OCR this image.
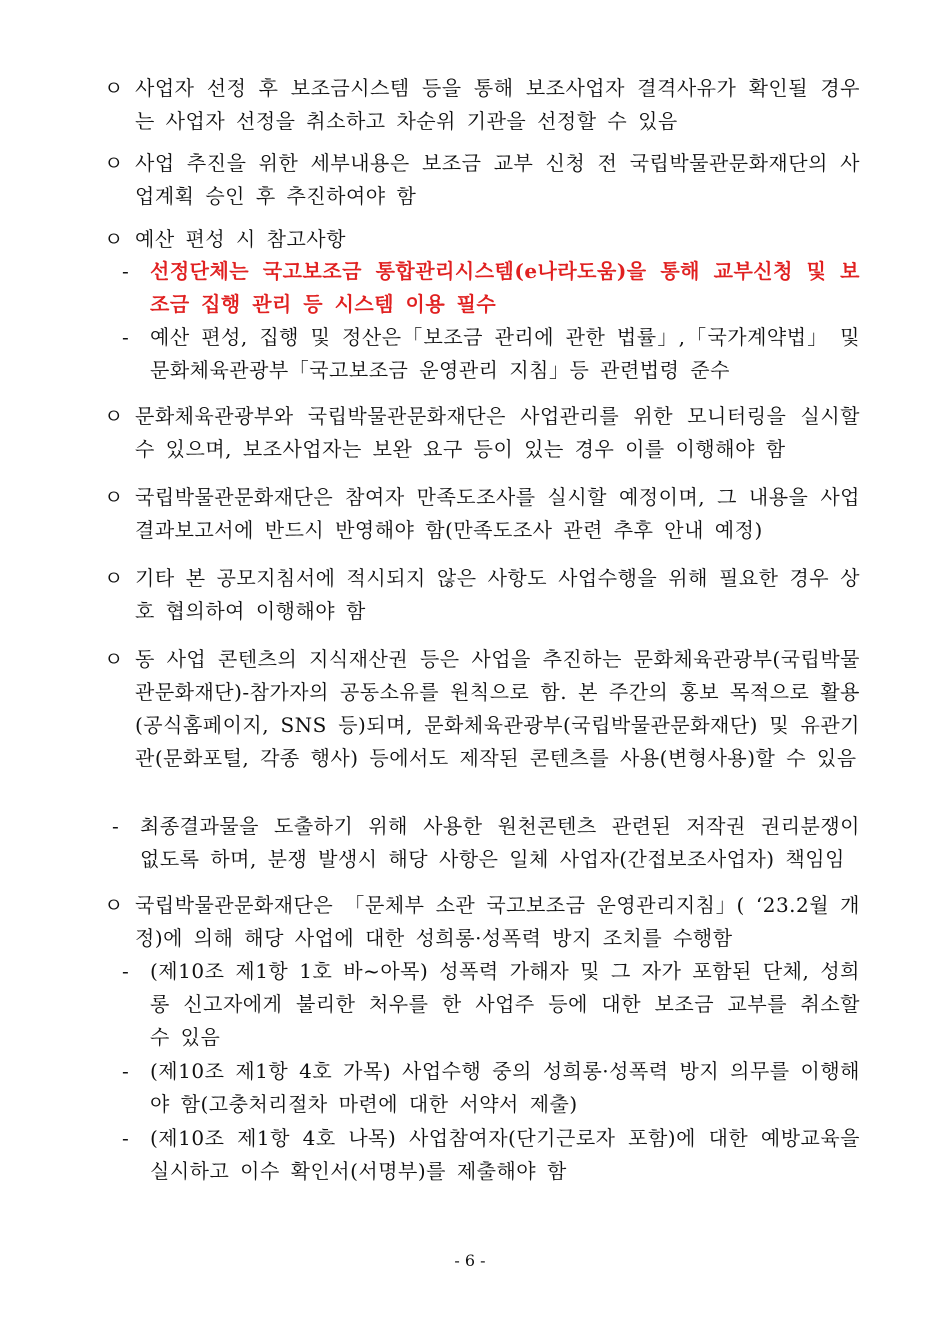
ㅇ 사업자 선정 후 보조금시스템 등을 통해 보조사업자 결격사유가 확인될 경우는 사업자 선정을 취소하고 차순위 기관을 선정할 수 있음
ㅇ 사업 추진을 위한 세부내용은 보조금 교부 신청 전 국립박물관문화재단의 사업계획 승인 후 추진하여야 함
ㅇ 예산 편성 시 참고사항
- 선정단체는 국고보조금 통합관리시스템(e나라도움)을 통해 교부신청 및 보조금 집행 관리 등 시스템 이용 필수
- 예산 편성, 집행 및 정산은「보조금 관리에 관한 법률」,「국가계약법」 및 문화체육관광부「국고보조금 운영관리 지침」등 관련법령 준수
ㅇ 문화체육관광부와 국립박물관문화재단은 사업관리를 위한 모니터링을 실시할 수 있으며, 보조사업자는 보완 요구 등이 있는 경우 이를 이행해야 함
ㅇ 국립박물관문화재단은 참여자 만족도조사를 실시할 예정이며, 그 내용을 사업결과보고서에 반드시 반영해야 함(만족도조사 관련 추후 안내 예정)
ㅇ 기타 본 공모지침서에 적시되지 않은 사항도 사업수행을 위해 필요한 경우 상호 협의하여 이행해야 함
ㅇ 동 사업 콘텐츠의 지식재산권 등은 사업을 추진하는 문화체육관광부(국립박물관문화재단)-참가자의 공동소유를 원칙으로 함. 본 주간의 홍보 목적으로 활용(공식홈페이지, SNS 등)되며, 문화체육관광부(국립박물관문화재단) 및 유관기관(문화포털, 각종 행사) 등에서도 제작된 콘텐츠를 사용(변형사용)할 수 있음
- 최종결과물을 도출하기 위해 사용한 원천콘텐츠 관련된 저작권 권리분쟁이 없도록 하며, 분쟁 발생시 해당 사항은 일체 사업자(간접보조사업자) 책임임
ㅇ 국립박물관문화재단은 「문체부 소관 국고보조금 운영관리지침」( ‘23.2월 개정)에 의해 해당 사업에 대한 성희롱·성폭력 방지 조치를 수행함
- (제10조 제1항 1호 바~아목) 성폭력 가해자 및 그 자가 포함된 단체, 성희롱 신고자에게 불리한 처우를 한 사업주 등에 대한 보조금 교부를 취소할 수 있음
- (제10조 제1항 4호 가목) 사업수행 중의 성희롱·성폭력 방지 의무를 이행해야 함(고충처리절차 마련에 대한 서약서 제출)
- (제10조 제1항 4호 나목) 사업참여자(단기근로자 포함)에 대한 예방교육을 실시하고 이수 확인서(서명부)를 제출해야 함
- 6 -
